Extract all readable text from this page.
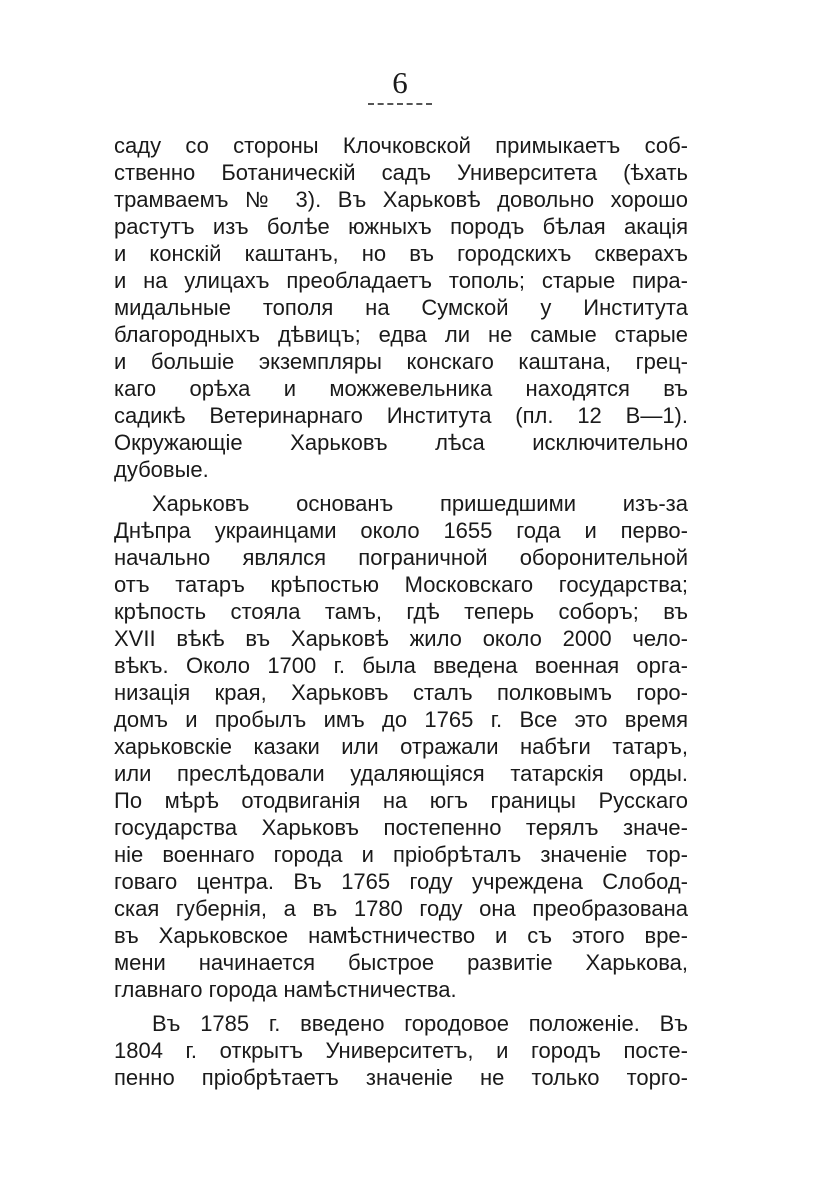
6
саду со стороны Клочковской примыкаетъ соб-
ственно Ботаническій садъ Университета (ѣхать
трамваемъ № 3). Въ Харьковѣ довольно хорошо
растутъ изъ болѣе южныхъ породъ бѣлая акація
и конскій каштанъ, но въ городскихъ скверахъ
и на улицахъ преобладаетъ тополь; старые пира-
мидальные тополя на Сумской у Института
благородныхъ дѣвицъ; едва ли не самые старые
и большіе экземпляры конскаго каштана, грец-
каго орѣха и можжевельника находятся въ
садикѣ Ветеринарнаго Института (пл. 12 В—1).
Окружающіе Харьковъ лѣса исключительно
дубовые.
Харьковъ основанъ пришедшими изъ-за
Днѣпра украинцами около 1655 года и перво-
начально являлся пограничной оборонительной
отъ татаръ крѣпостью Московскаго государства;
крѣпость стояла тамъ, гдѣ теперь соборъ; въ
XVII вѣкѣ въ Харьковѣ жило около 2000 чело-
вѣкъ. Около 1700 г. была введена военная орга-
низація края, Харьковъ сталъ полковымъ горо-
домъ и пробылъ имъ до 1765 г. Все это время
харьковскіе казаки или отражали набѣги татаръ,
или преслѣдовали удаляющіяся татарскія орды.
По мѣрѣ отодвиганія на югъ границы Русскаго
государства Харьковъ постепенно терялъ значе-
ніе военнаго города и пріобрѣталъ значеніе тор-
говаго центра. Въ 1765 году учреждена Слобод-
ская губернія, а въ 1780 году она преобразована
въ Харьковское намѣстничество и съ этого вре-
мени начинается быстрое развитіе Харькова,
главнаго города намѣстничества.
Въ 1785 г. введено городовое положеніе. Въ
1804 г. открытъ Университетъ, и городъ посте-
пенно пріобрѣтаетъ значеніе не только торго-
